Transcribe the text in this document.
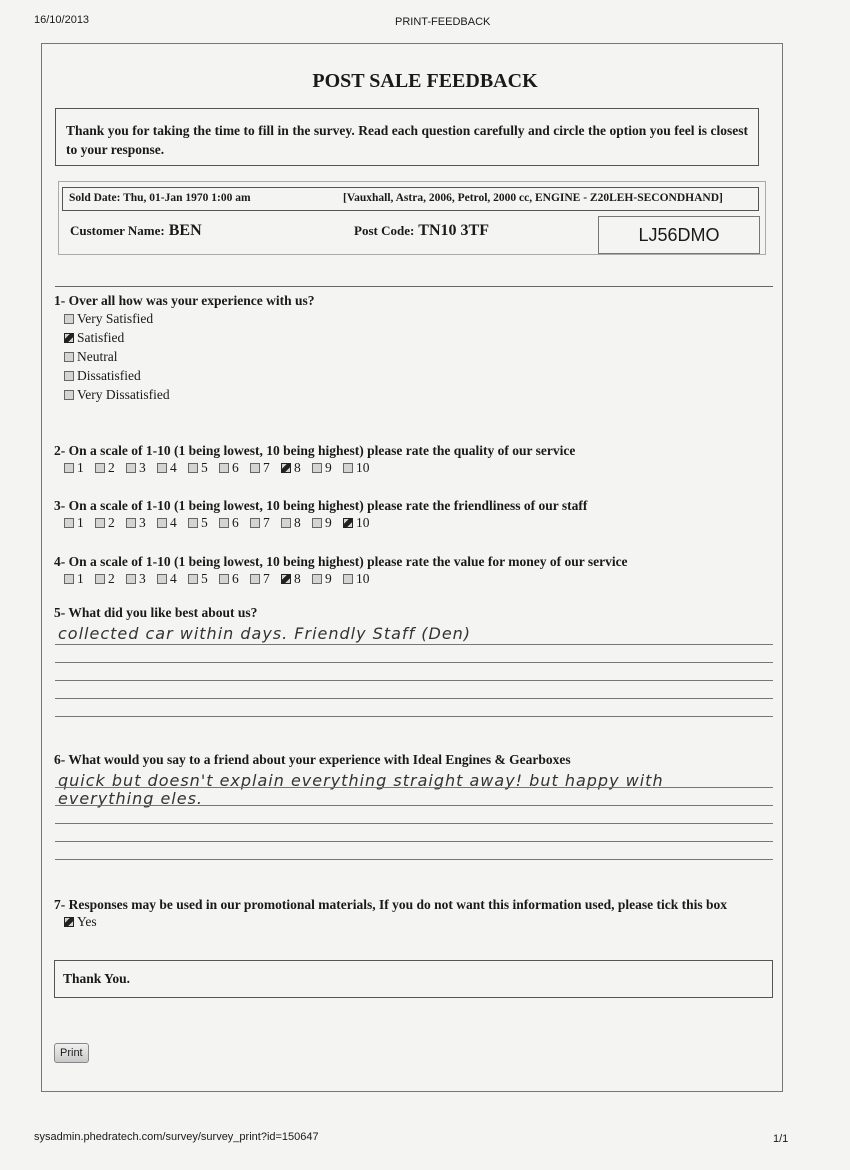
16/10/2013	PRINT-FEEDBACK
POST SALE FEEDBACK
Thank you for taking the time to fill in the survey. Read each question carefully and circle the option you feel is closest to your response.
Sold Date: Thu, 01-Jan 1970 1:00 am	[Vauxhall, Astra, 2006, Petrol, 2000 cc, ENGINE - Z20LEH-SECONDHAND]
Customer Name: BEN	Post Code: TN10 3TF	LJ56DMO
1- Over all how was your experience with us?
Very Satisfied
Satisfied
Neutral
Dissatisfied
Very Dissatisfied
2- On a scale of 1-10 (1 being lowest, 10 being highest) please rate the quality of our service
1 2 3 4 5 6 7 8 9 10
3- On a scale of 1-10 (1 being lowest, 10 being highest) please rate the friendliness of our staff
1 2 3 4 5 6 7 8 9 10
4- On a scale of 1-10 (1 being lowest, 10 being highest) please rate the value for money of our service
1 2 3 4 5 6 7 8 9 10
5- What did you like best about us?
collected car within days. Friendly Staff (Den)
6- What would you say to a friend about your experience with Ideal Engines & Gearboxes
quick but doesn't explain everything straight away! but happy with
everything eles.
7- Responses may be used in our promotional materials, If you do not want this information used, please tick this box
Yes
Thank You.
Print
sysadmin.phedratech.com/survey/survey_print?id=150647	1/1
